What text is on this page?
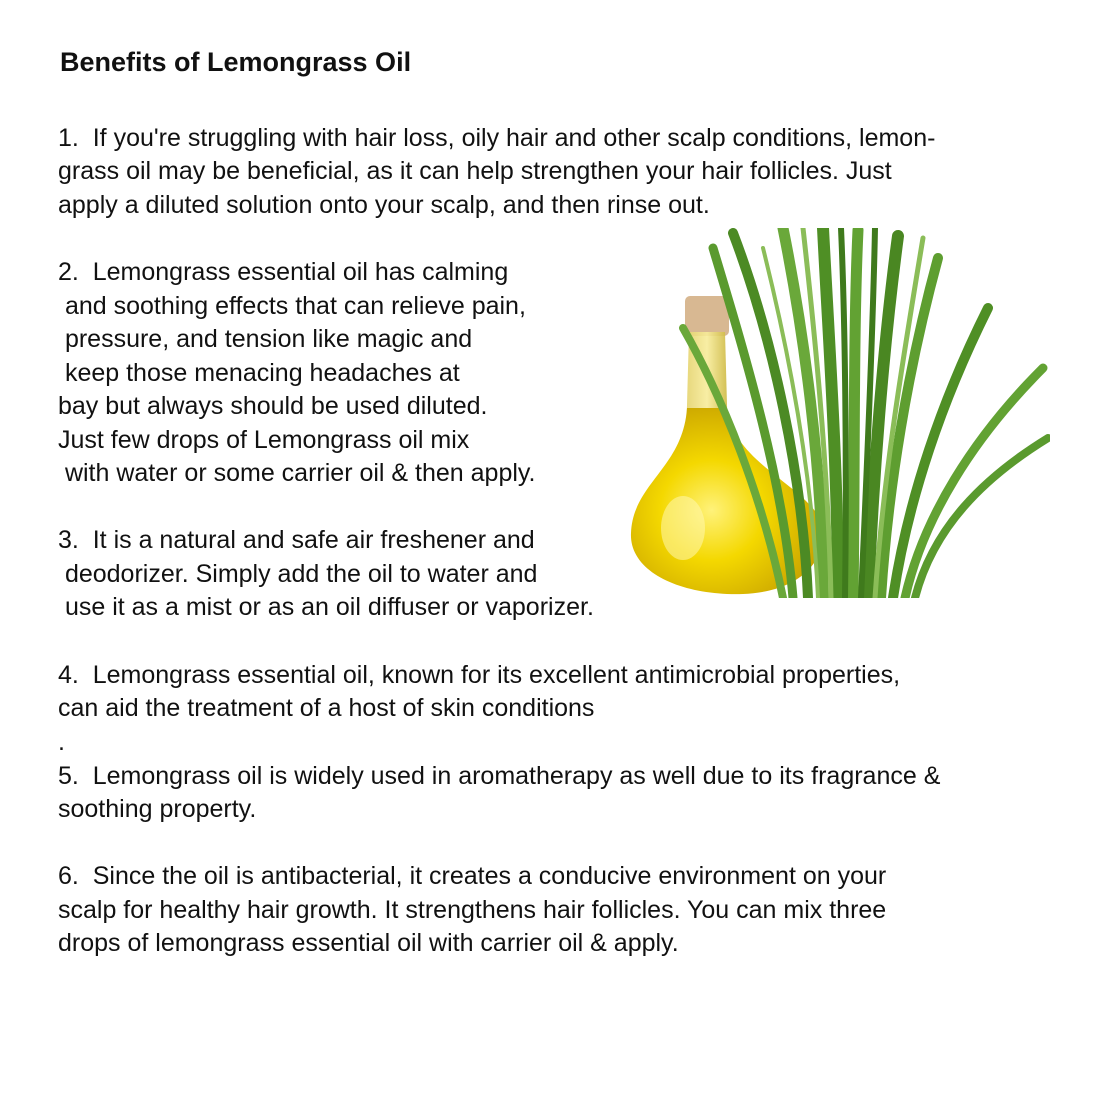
Benefits of Lemongrass Oil
1.  If you're struggling with hair loss, oily hair and other scalp conditions, lemon-
grass oil may be beneficial, as it can help strengthen your hair follicles. Just
apply a diluted solution onto your scalp, and then rinse out.
2.  Lemongrass essential oil has calming
and soothing effects that can relieve pain,
pressure, and tension like magic and
keep those menacing headaches at
bay but always should be used diluted.
Just few drops of Lemongrass oil mix
with water or some carrier oil & then apply.
3.  It is a natural and safe air freshener and
deodorizer. Simply add the oil to water and
use it as a mist or as an oil diffuser or vaporizer.
4.  Lemongrass essential oil, known for its excellent antimicrobial properties,
can aid the treatment of a host of skin conditions
.
5.  Lemongrass oil is widely used in aromatherapy as well due to its fragrance &
soothing property.
6.  Since the oil is antibacterial, it creates a conducive environment on your
scalp for healthy hair growth. It strengthens hair follicles. You can mix three
drops of lemongrass essential oil with carrier oil & apply.
